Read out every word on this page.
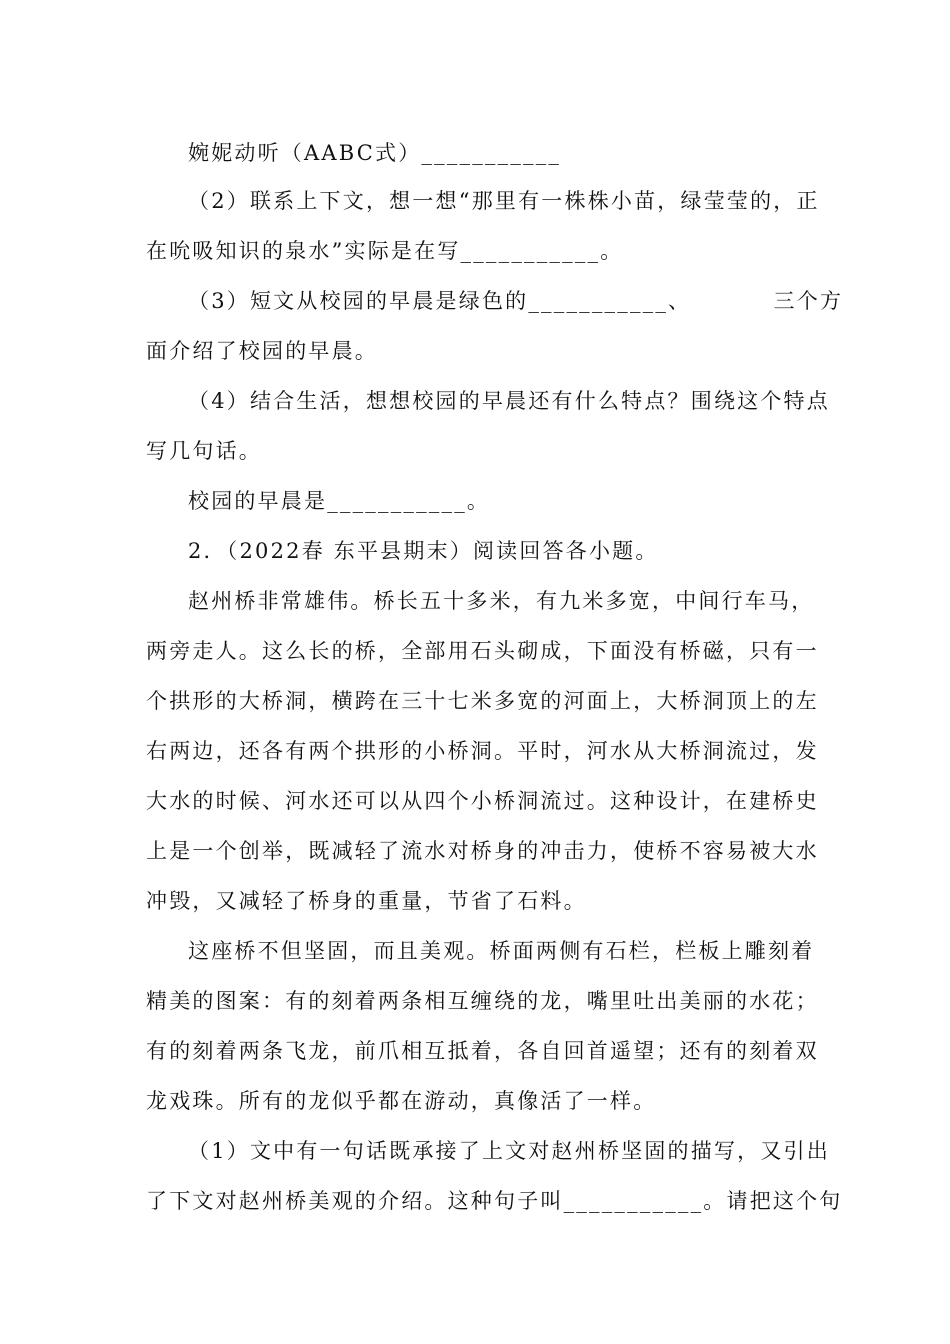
婉妮动听（AABC式）___________
（2）联系上下文，想一想“那里有一株株小苗，绿莹莹的，正
在吮吸知识的泉水”实际是在写___________。
（3）短文从校园的早晨是绿色的___________、　　　　三个方
面介绍了校园的早晨。
（4）结合生活，想想校园的早晨还有什么特点？围绕这个特点
写几句话。
校园的早晨是___________。
2．（2022春 东平县期末）阅读回答各小题。
赵州桥非常雄伟。桥长五十多米，有九米多宽，中间行车马，
两旁走人。这么长的桥，全部用石头砌成，下面没有桥磁，只有一
个拱形的大桥洞，横跨在三十七米多宽的河面上，大桥洞顶上的左
右两边，还各有两个拱形的小桥洞。平时，河水从大桥洞流过，发
大水的时候、河水还可以从四个小桥洞流过。这种设计，在建桥史
上是一个创举，既减轻了流水对桥身的冲击力，使桥不容易被大水
冲毁，又减轻了桥身的重量，节省了石料。
这座桥不但坚固，而且美观。桥面两侧有石栏，栏板上雕刻着
精美的图案：有的刻着两条相互缠绕的龙，嘴里吐出美丽的水花；
有的刻着两条飞龙，前爪相互抵着，各自回首遥望；还有的刻着双
龙戏珠。所有的龙似乎都在游动，真像活了一样。
（1）文中有一句话既承接了上文对赵州桥坚固的描写，又引出
了下文对赵州桥美观的介绍。这种句子叫___________。请把这个句
